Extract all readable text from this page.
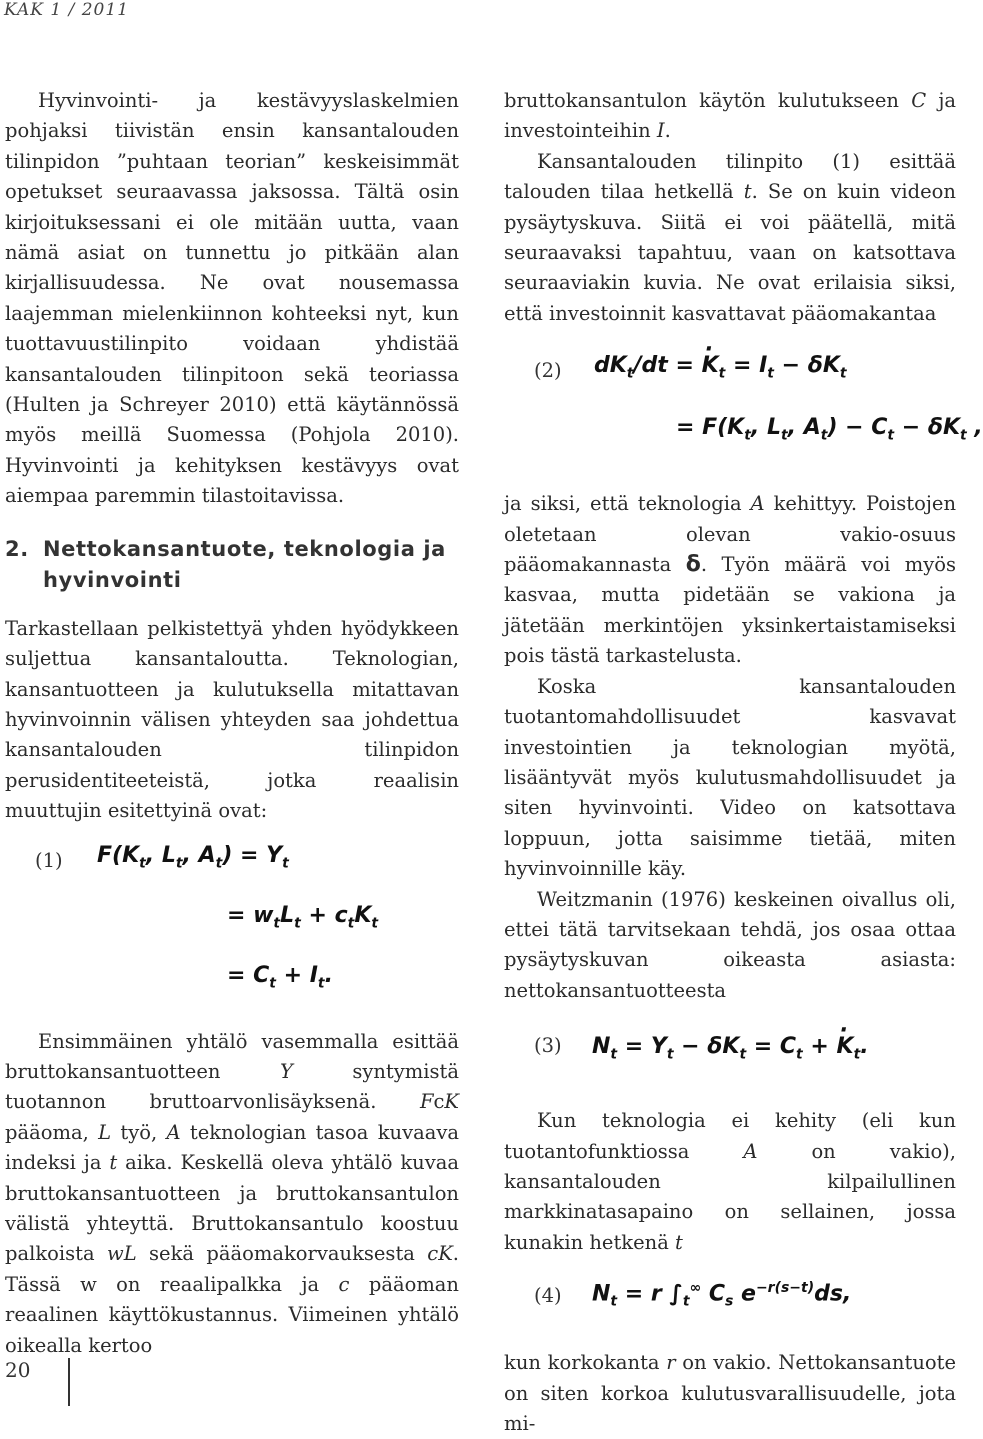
KAK 1 / 2011

Hyvinvointi- ja kestävyyslaskelmien pohjaksi tiivistän ensin kansantalouden tilinpidon ”puhtaan teorian” keskeisimmät opetukset seuraavassa jaksossa. Tältä osin kirjoituksessani ei ole mitään uutta, vaan nämä asiat on tunnettu jo pitkään alan kirjallisuudessa. Ne ovat nousemassa laajemman mielenkiinnon kohteeksi nyt, kun tuottavuustilinpito voidaan yhdistää kansantalouden tilinpitoon sekä teoriassa (Hulten ja Schreyer 2010) että käytännössä myös meillä Suomessa (Pohjola 2010). Hyvinvointi ja kehityksen kestävyys ovat aiempaa paremmin tilastoitavissa.

2. Nettokansantuote, teknologia ja hyvinvointi

Tarkastellaan pelkistettyä yhden hyödykkeen suljettua kansantaloutta. Teknologian, kansantuotteen ja kulutuksella mitattavan hyvinvoinnin välisen yhteyden saa johdettua kansantalouden tilinpidon perusidentiteeteistä, jotka reaalisin muuttujin esitettyinä ovat:

(1) $F(K_t$, $L_t$, $A_t) = Y_t$
= $w_tL_t + c_tK_t$
= $C_t + I_t$.

Ensimmäinen yhtälö vasemmalla esittää bruttokansantuotteen Y syntymistä tuotannon bruttoarvonlisäyksenä. FcK pääoma, L työ, A teknologian tasoa kuvaava indeksi ja t aika. Keskellä oleva yhtälö kuvaa bruttokansantuotteen ja bruttokansantulon välistä yhteyttä. Bruttokansantulo koostuu palkoista wL sekä pääomakorvauksesta cK. Tässä w on reaalipalkka ja c pääoman reaalinen käyttökustannus. Viimeinen yhtälö oikealla kertoo

bruttokansantulon käytön kulutukseen C ja investointeihin I.

Kansantalouden tilinpito (1) esittää talouden tilaa hetkellä t. Se on kuin videon pysäytyskuva. Siitä ei voi päätellä, mitä seuraavaksi tapahtuu, vaan on katsottava seuraaviakin kuvia. Ne ovat erilaisia siksi, että investoinnit kasvattavat pääomakantaa

(2) $dK_t/dt$ = · $K_t = I_t - \delta K_t$
= $F(K_t$, $L_t$, $A_t) - C_t - \delta K_t$ ,

ja siksi, että teknologia A kehittyy. Poistojen oletetaan olevan vakio-osuus pääomakannasta δ. Työn määrä voi myös kasvaa, mutta pidetään se vakiona ja jätetään merkintöjen yksinkertaistamiseksi pois tästä tarkastelusta.

Koska kansantalouden tuotantomahdollisuudet kasvavat investointien ja teknologian myötä, lisääntyvät myös kulutusmahdollisuudet ja siten hyvinvointi. Video on katsottava loppuun, jotta saisimme tietää, miten hyvinvoinnille käy.

Weitzmanin (1976) keskeinen oivallus oli, ettei tätä tarvitsekaan tehdä, jos osaa ottaa pysäytyskuvan oikeasta asiasta: nettokansantuotteesta

(3) $N_t = Y_t - \delta K_t = C_t$ + · $K_t$.

Kun teknologia ei kehity (eli kun tuotantofunktiossa A on vakio), kansantalouden kilpailullinen markkinatasapaino on sellainen, jossa kunakin hetkenä t

(4) $N_t = r$ $\int_t^\infty$ $C_s$ $e^{-r(s-t)}ds$,

kun korkokanta r on vakio. Nettokansantuote on siten korkoa kulutusvarallisuudelle, jota mi-

20
